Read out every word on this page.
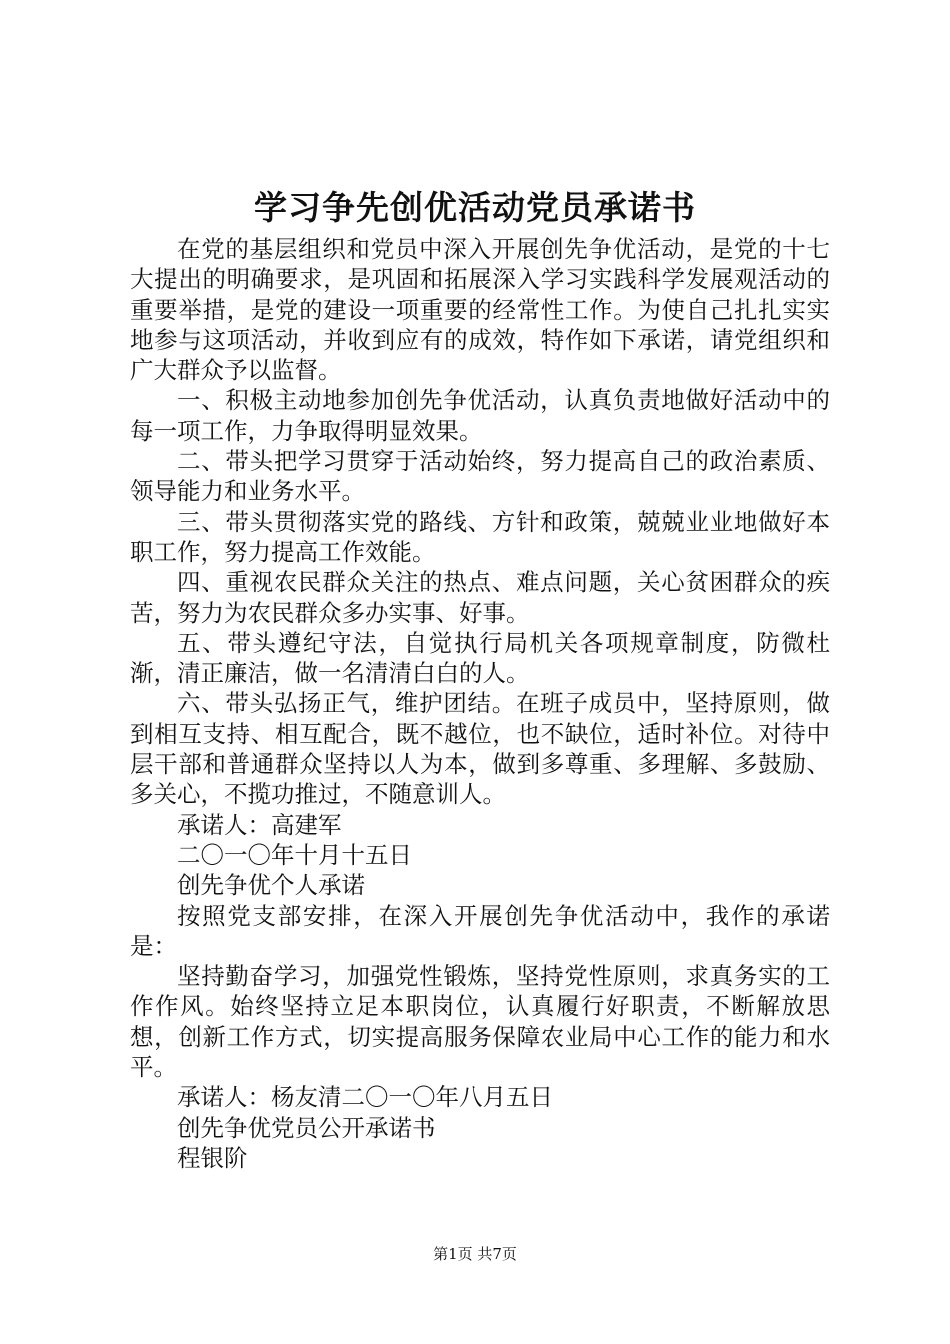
学习争先创优活动党员承诺书

在党的基层组织和党员中深入开展创先争优活动，是党的十七大提出的明确要求，是巩固和拓展深入学习实践科学发展观活动的重要举措，是党的建设一项重要的经常性工作。为使自己扎扎实实地参与这项活动，并收到应有的成效，特作如下承诺，请党组织和广大群众予以监督。

一、积极主动地参加创先争优活动，认真负责地做好活动中的每一项工作，力争取得明显效果。

二、带头把学习贯穿于活动始终，努力提高自己的政治素质、领导能力和业务水平。

三、带头贯彻落实党的路线、方针和政策，兢兢业业地做好本职工作，努力提高工作效能。

四、重视农民群众关注的热点、难点问题，关心贫困群众的疾苦，努力为农民群众多办实事、好事。

五、带头遵纪守法，自觉执行局机关各项规章制度，防微杜渐，清正廉洁，做一名清清白白的人。

六、带头弘扬正气，维护团结。在班子成员中，坚持原则，做到相互支持、相互配合，既不越位，也不缺位，适时补位。对待中层干部和普通群众坚持以人为本，做到多尊重、多理解、多鼓励、多关心，不揽功推过，不随意训人。

承诺人：高建军

二〇一〇年十月十五日

创先争优个人承诺

按照党支部安排，在深入开展创先争优活动中，我作的承诺是：

坚持勤奋学习，加强党性锻炼，坚持党性原则，求真务实的工作作风。始终坚持立足本职岗位，认真履行好职责，不断解放思想，创新工作方式，切实提高服务保障农业局中心工作的能力和水平。

承诺人：杨友清二〇一〇年八月五日

创先争优党员公开承诺书

程银阶

第1页 共7页
